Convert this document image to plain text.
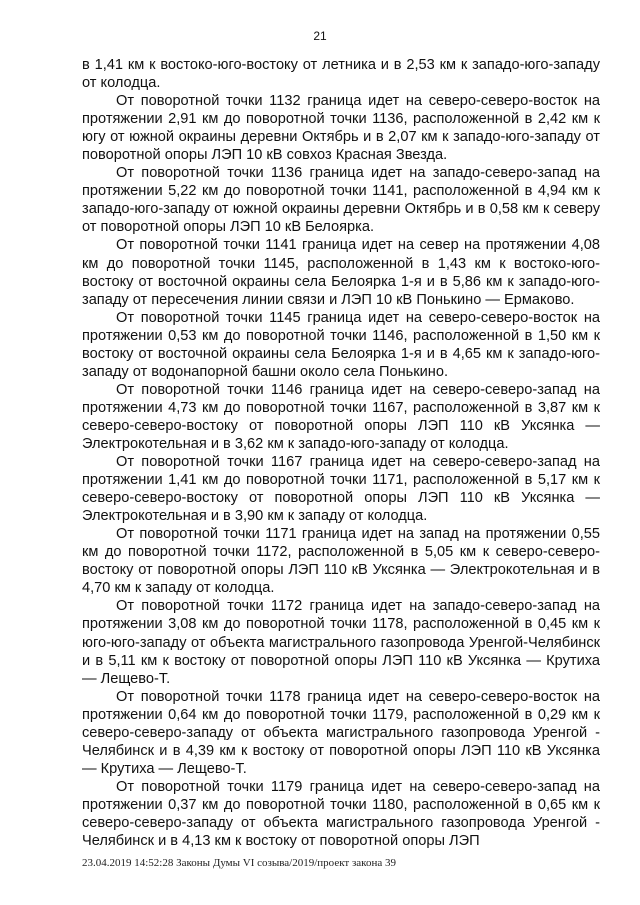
21

в 1,41 км к востоко-юго-востоку от летника и в 2,53 км к западо-юго-западу от колодца.

От поворотной точки 1132 граница идет на северо-северо-восток на протяжении 2,91 км до поворотной точки 1136, расположенной в 2,42 км к югу от южной окраины деревни Октябрь и в 2,07 км к западо-юго-западу от поворотной опоры ЛЭП 10 кВ совхоз Красная Звезда.

От поворотной точки 1136 граница идет на западо-северо-запад на протяжении 5,22 км до поворотной точки 1141, расположенной в 4,94 км к западо-юго-западу от южной окраины деревни Октябрь и в 0,58 км к северу от поворотной опоры ЛЭП 10 кВ Белоярка.

От поворотной точки 1141 граница идет на север на протяжении 4,08 км до поворотной точки 1145, расположенной в 1,43 км к востоко-юго-востоку от восточной окраины села Белоярка 1-я и в 5,86 км к западо-юго-западу от пересечения линии связи и ЛЭП 10 кВ Понькино — Ермаково.

От поворотной точки 1145 граница идет на северо-северо-восток на протяжении 0,53 км до поворотной точки 1146, расположенной в 1,50 км к востоку от восточной окраины села Белоярка 1-я и в 4,65 км к западо-юго-западу от водонапорной башни около села Понькино.

От поворотной точки 1146 граница идет на северо-северо-запад на протяжении 4,73 км до поворотной точки 1167, расположенной в 3,87 км к северо-северо-востоку от поворотной опоры ЛЭП 110 кВ Уксянка — Электрокотельная и в 3,62 км к западо-юго-западу от колодца.

От поворотной точки 1167 граница идет на северо-северо-запад на протяжении 1,41 км до поворотной точки 1171, расположенной в 5,17 км к северо-северо-востоку от поворотной опоры ЛЭП 110 кВ Уксянка — Электрокотельная и в 3,90 км к западу от колодца.

От поворотной точки 1171 граница идет на запад на протяжении 0,55 км до поворотной точки 1172, расположенной в 5,05 км к северо-северо-востоку от поворотной опоры ЛЭП 110 кВ Уксянка — Электрокотельная и в 4,70 км к западу от колодца.

От поворотной точки 1172 граница идет на западо-северо-запад на протяжении 3,08 км до поворотной точки 1178, расположенной в 0,45 км к юго-юго-западу от объекта магистрального газопровода Уренгой-Челябинск и в 5,11 км к востоку от поворотной опоры ЛЭП 110 кВ Уксянка — Крутиха — Лещево-Т.

От поворотной точки 1178 граница идет на северо-северо-восток на протяжении 0,64 км до поворотной точки 1179, расположенной в 0,29 км к северо-северо-западу от объекта магистрального газопровода Уренгой - Челябинск и в 4,39 км к востоку от поворотной опоры ЛЭП 110 кВ Уксянка — Крутиха — Лещево-Т.

От поворотной точки 1179 граница идет на северо-северо-запад на протяжении 0,37 км до поворотной точки 1180, расположенной в 0,65 км к северо-северо-западу от объекта магистрального газопровода Уренгой - Челябинск и в 4,13 км к востоку от поворотной опоры ЛЭП

23.04.2019 14:52:28 Законы Думы VI созыва/2019/проект закона 39
